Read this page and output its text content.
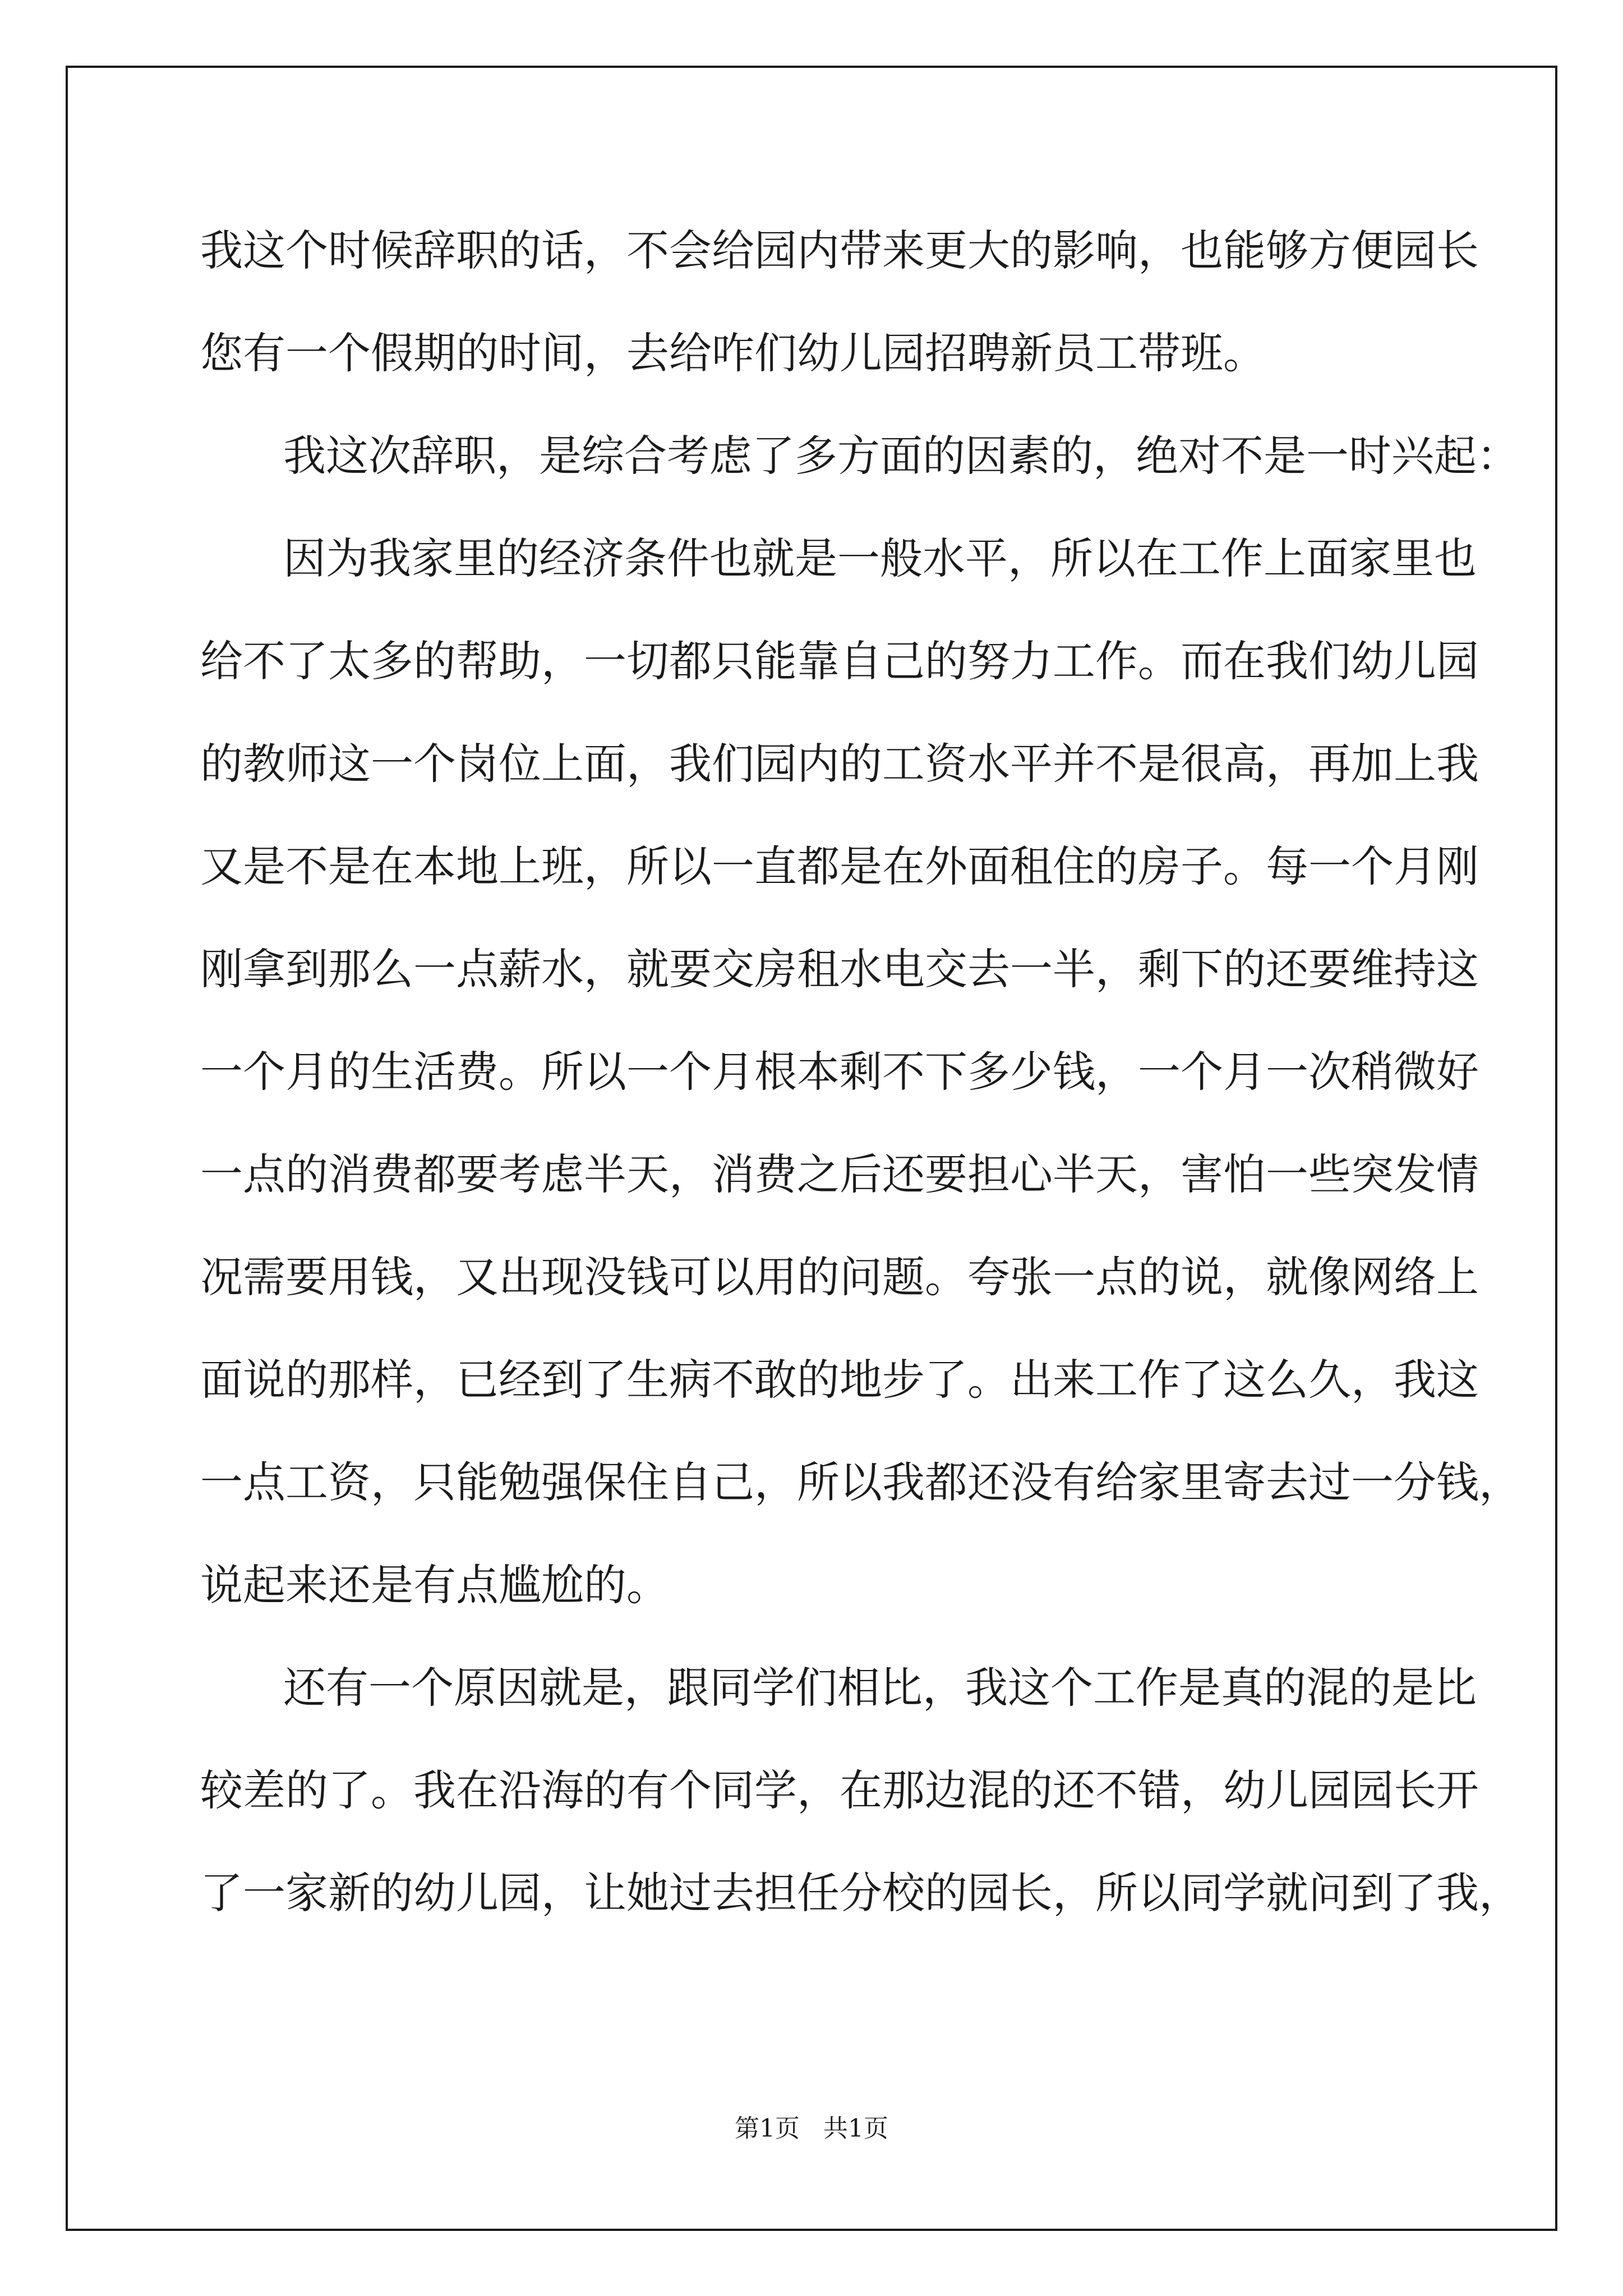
我这个时候辞职的话，不会给园内带来更大的影响，也能够方便园长

您有一个假期的时间，去给咋们幼儿园招聘新员工带班。

我这次辞职，是综合考虑了多方面的因素的，绝对不是一时兴起：

因为我家里的经济条件也就是一般水平，所以在工作上面家里也

给不了太多的帮助，一切都只能靠自己的努力工作。而在我们幼儿园

的教师这一个岗位上面，我们园内的工资水平并不是很高，再加上我

又是不是在本地上班，所以一直都是在外面租住的房子。每一个月刚

刚拿到那么一点薪水，就要交房租水电交去一半，剩下的还要维持这

一个月的生活费。所以一个月根本剩不下多少钱，一个月一次稍微好

一点的消费都要考虑半天，消费之后还要担心半天，害怕一些突发情

况需要用钱，又出现没钱可以用的问题。夸张一点的说，就像网络上

面说的那样，已经到了生病不敢的地步了。出来工作了这么久，我这

一点工资，只能勉强保住自己，所以我都还没有给家里寄去过一分钱，

说起来还是有点尴尬的。

还有一个原因就是，跟同学们相比，我这个工作是真的混的是比

较差的了。我在沿海的有个同学，在那边混的还不错，幼儿园园长开

了一家新的幼儿园，让她过去担任分校的园长，所以同学就问到了我，

第1页   共1页
